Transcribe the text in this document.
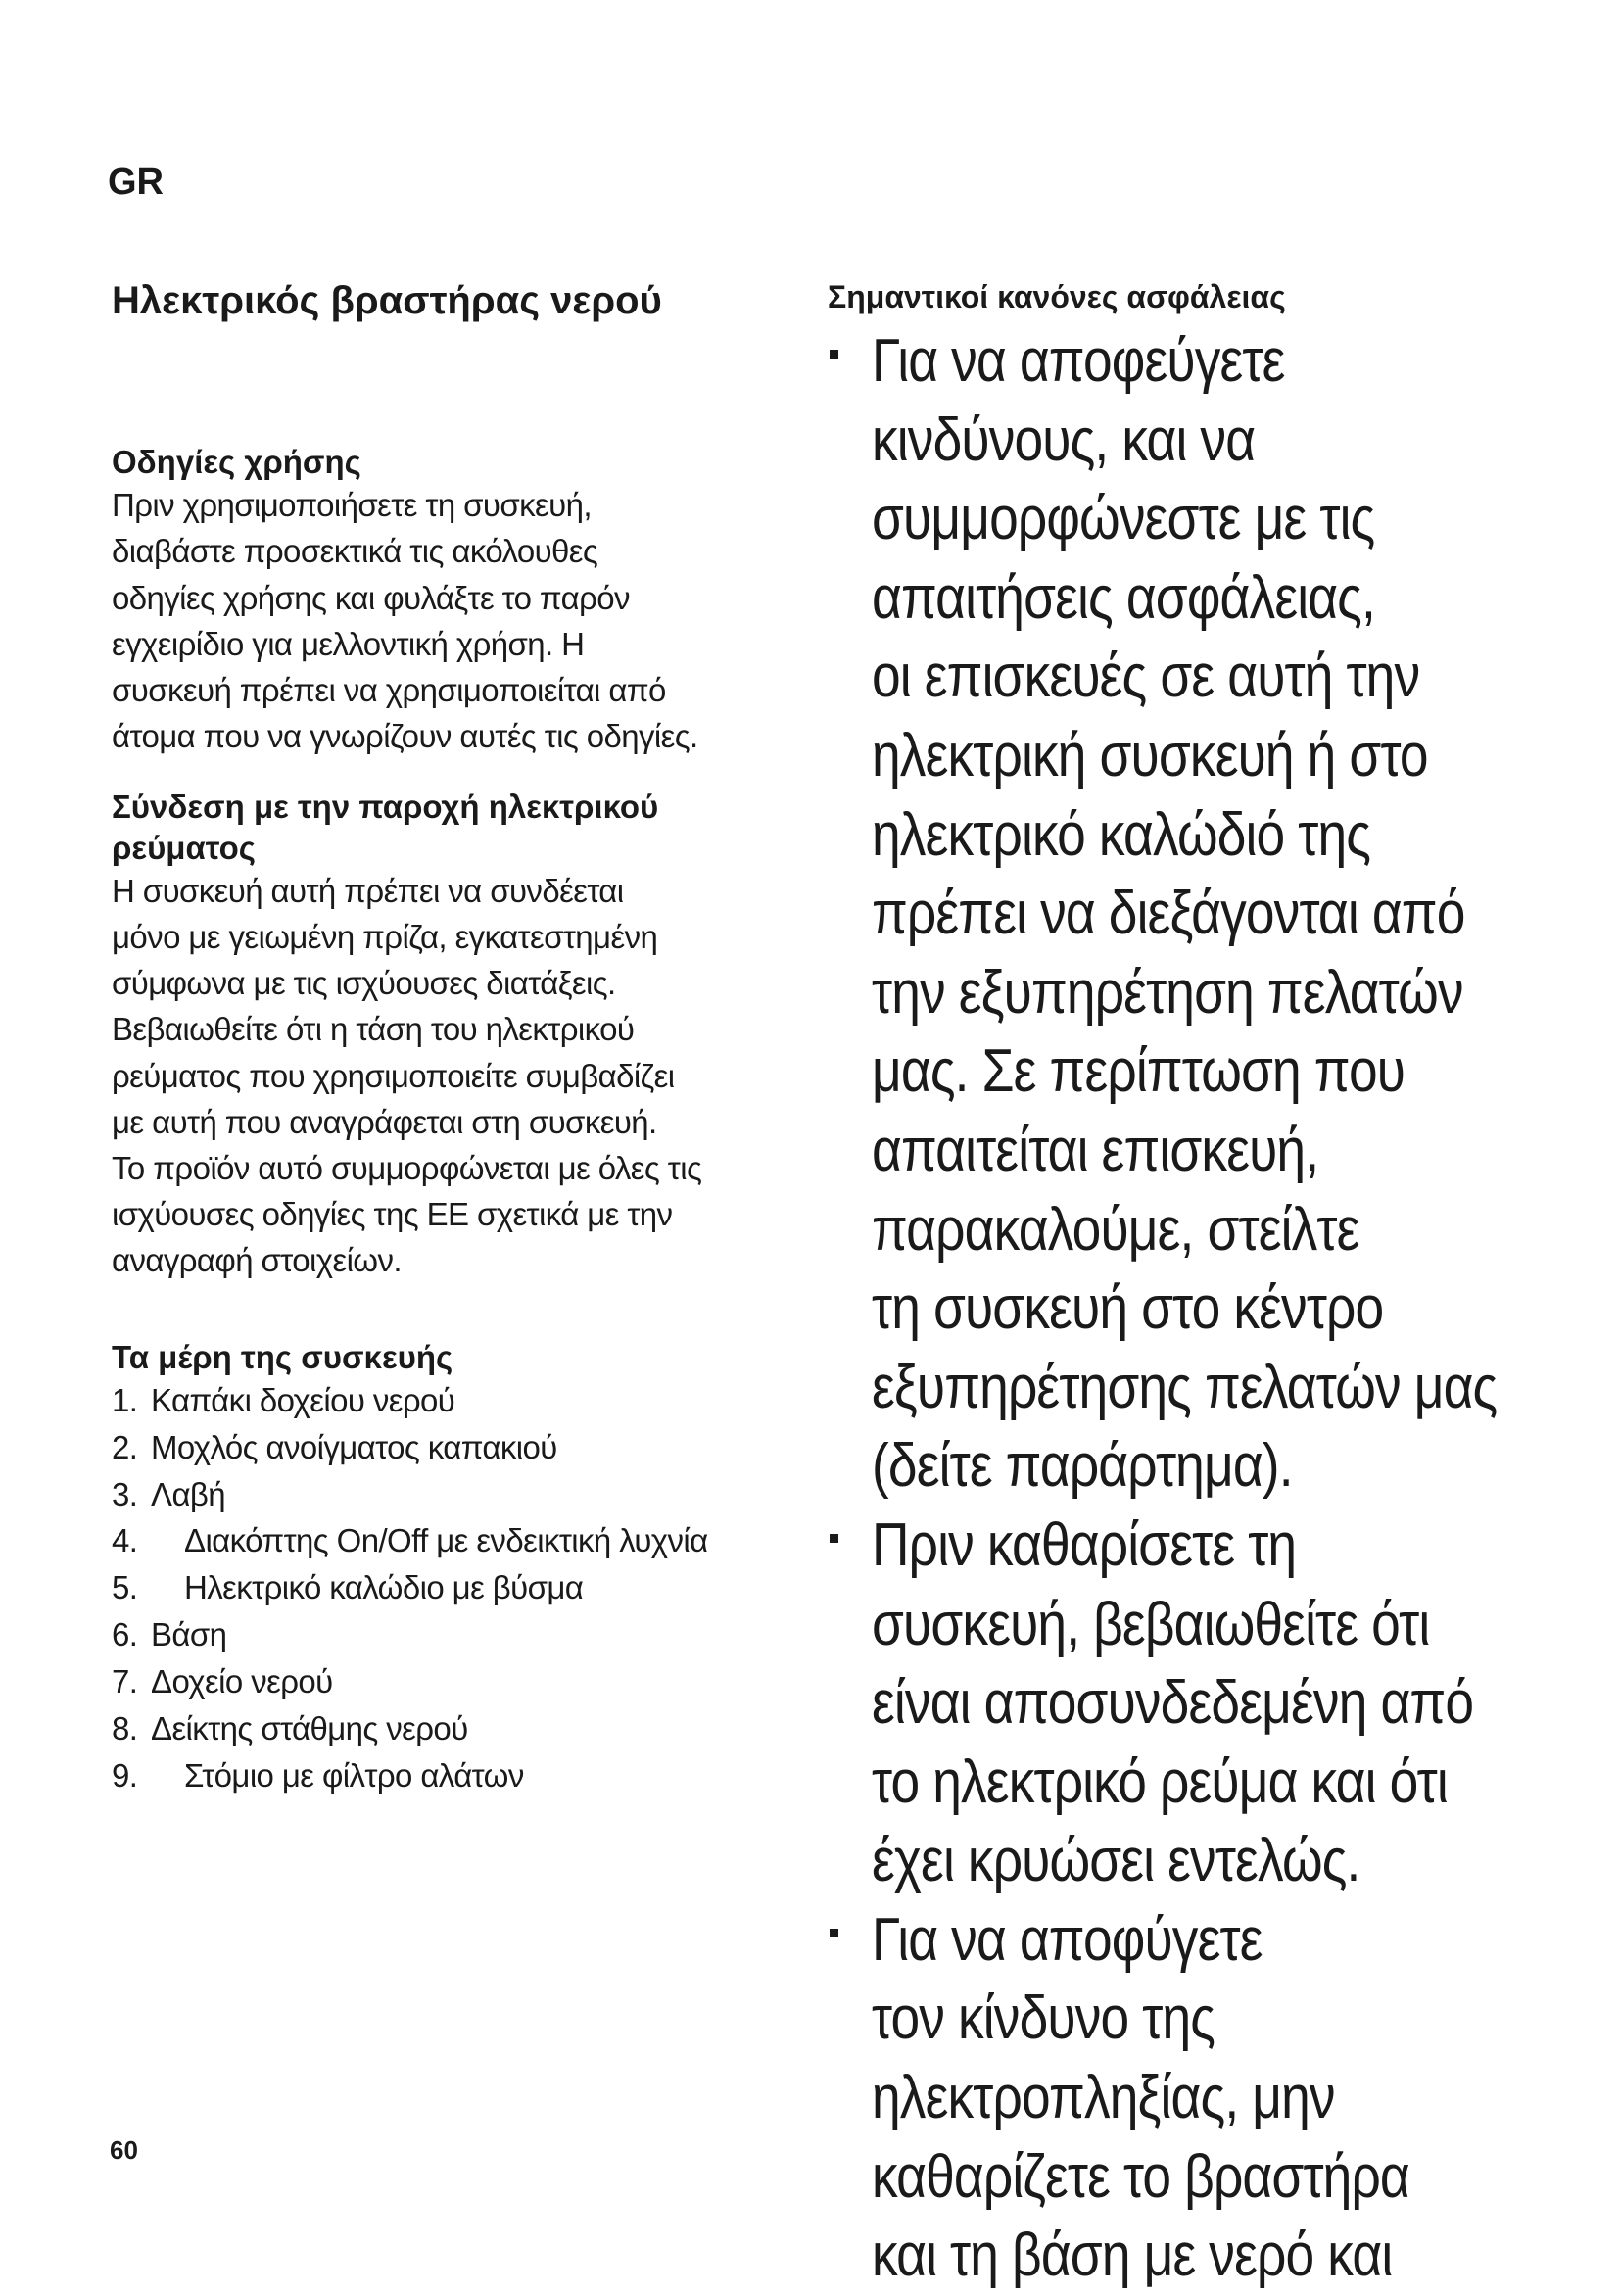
GR
Ηλεκτρικός βραστήρας νερού
Οδηγίες χρήσης

Πριν χρησιμοποιήσετε τη συσκευή,
διαβάστε προσεκτικά τις ακόλουθες
οδηγίες χρήσης και φυλάξτε το παρόν
εγχειρίδιο για μελλοντική χρήση. Η
συσκευή πρέπει να χρησιμοποιείται από
άτομα που να γνωρίζουν αυτές τις οδηγίες.

Σύνδεση με την παροχή ηλεκτρικού
ρεύματος

Η συσκευή αυτή πρέπει να συνδέεται
μόνο με γειωμένη πρίζα, εγκατεστημένη
σύμφωνα με τις ισχύουσες διατάξεις.
Βεβαιωθείτε ότι η τάση του ηλεκτρικού
ρεύματος που χρησιμοποιείτε συμβαδίζει
με αυτή που αναγράφεται στη συσκευή.
Το προϊόν αυτό συμμορφώνεται με όλες τις
ισχύουσες οδηγίες της ΕΕ σχετικά με την
αναγραφή στοιχείων.

Τα μέρη της συσκευής
1. Καπάκι δοχείου νερού
2. Μοχλός ανοίγματος καπακιού
3. Λαβή
4.	Διακόπτης On/Off με ενδεικτική λυχνία
5.	Ηλεκτρικό καλώδιο με βύσμα
6. Βάση
7. Δοχείο νερού
8. Δείκτης στάθμης νερού
9.	Στόμιο με φίλτρο αλάτων
Σημαντικοί κανόνες ασφάλειας

Για να αποφεύγετε
κινδύνους, και να
συμμορφώνεστε με τις
απαιτήσεις ασφάλειας,
οι επισκευές σε αυτή την
ηλεκτρική συσκευή ή στο
ηλεκτρικό καλώδιό της
πρέπει να διεξάγονται από
την εξυπηρέτηση πελατών
μας. Σε περίπτωση που
απαιτείται επισκευή,
παρακαλούμε, στείλτε
τη συσκευή στο κέντρο
εξυπηρέτησης πελατών μας
(δείτε παράρτημα).

Πριν καθαρίσετε τη
συσκευή, βεβαιωθείτε ότι
είναι αποσυνδεδεμένη από
το ηλεκτρικό ρεύμα και ότι
έχει κρυώσει εντελώς.

Για να αποφύγετε
τον κίνδυνο της
ηλεκτροπληξίας, μην
καθαρίζετε το βραστήρα
και τη βάση με νερό και

60
